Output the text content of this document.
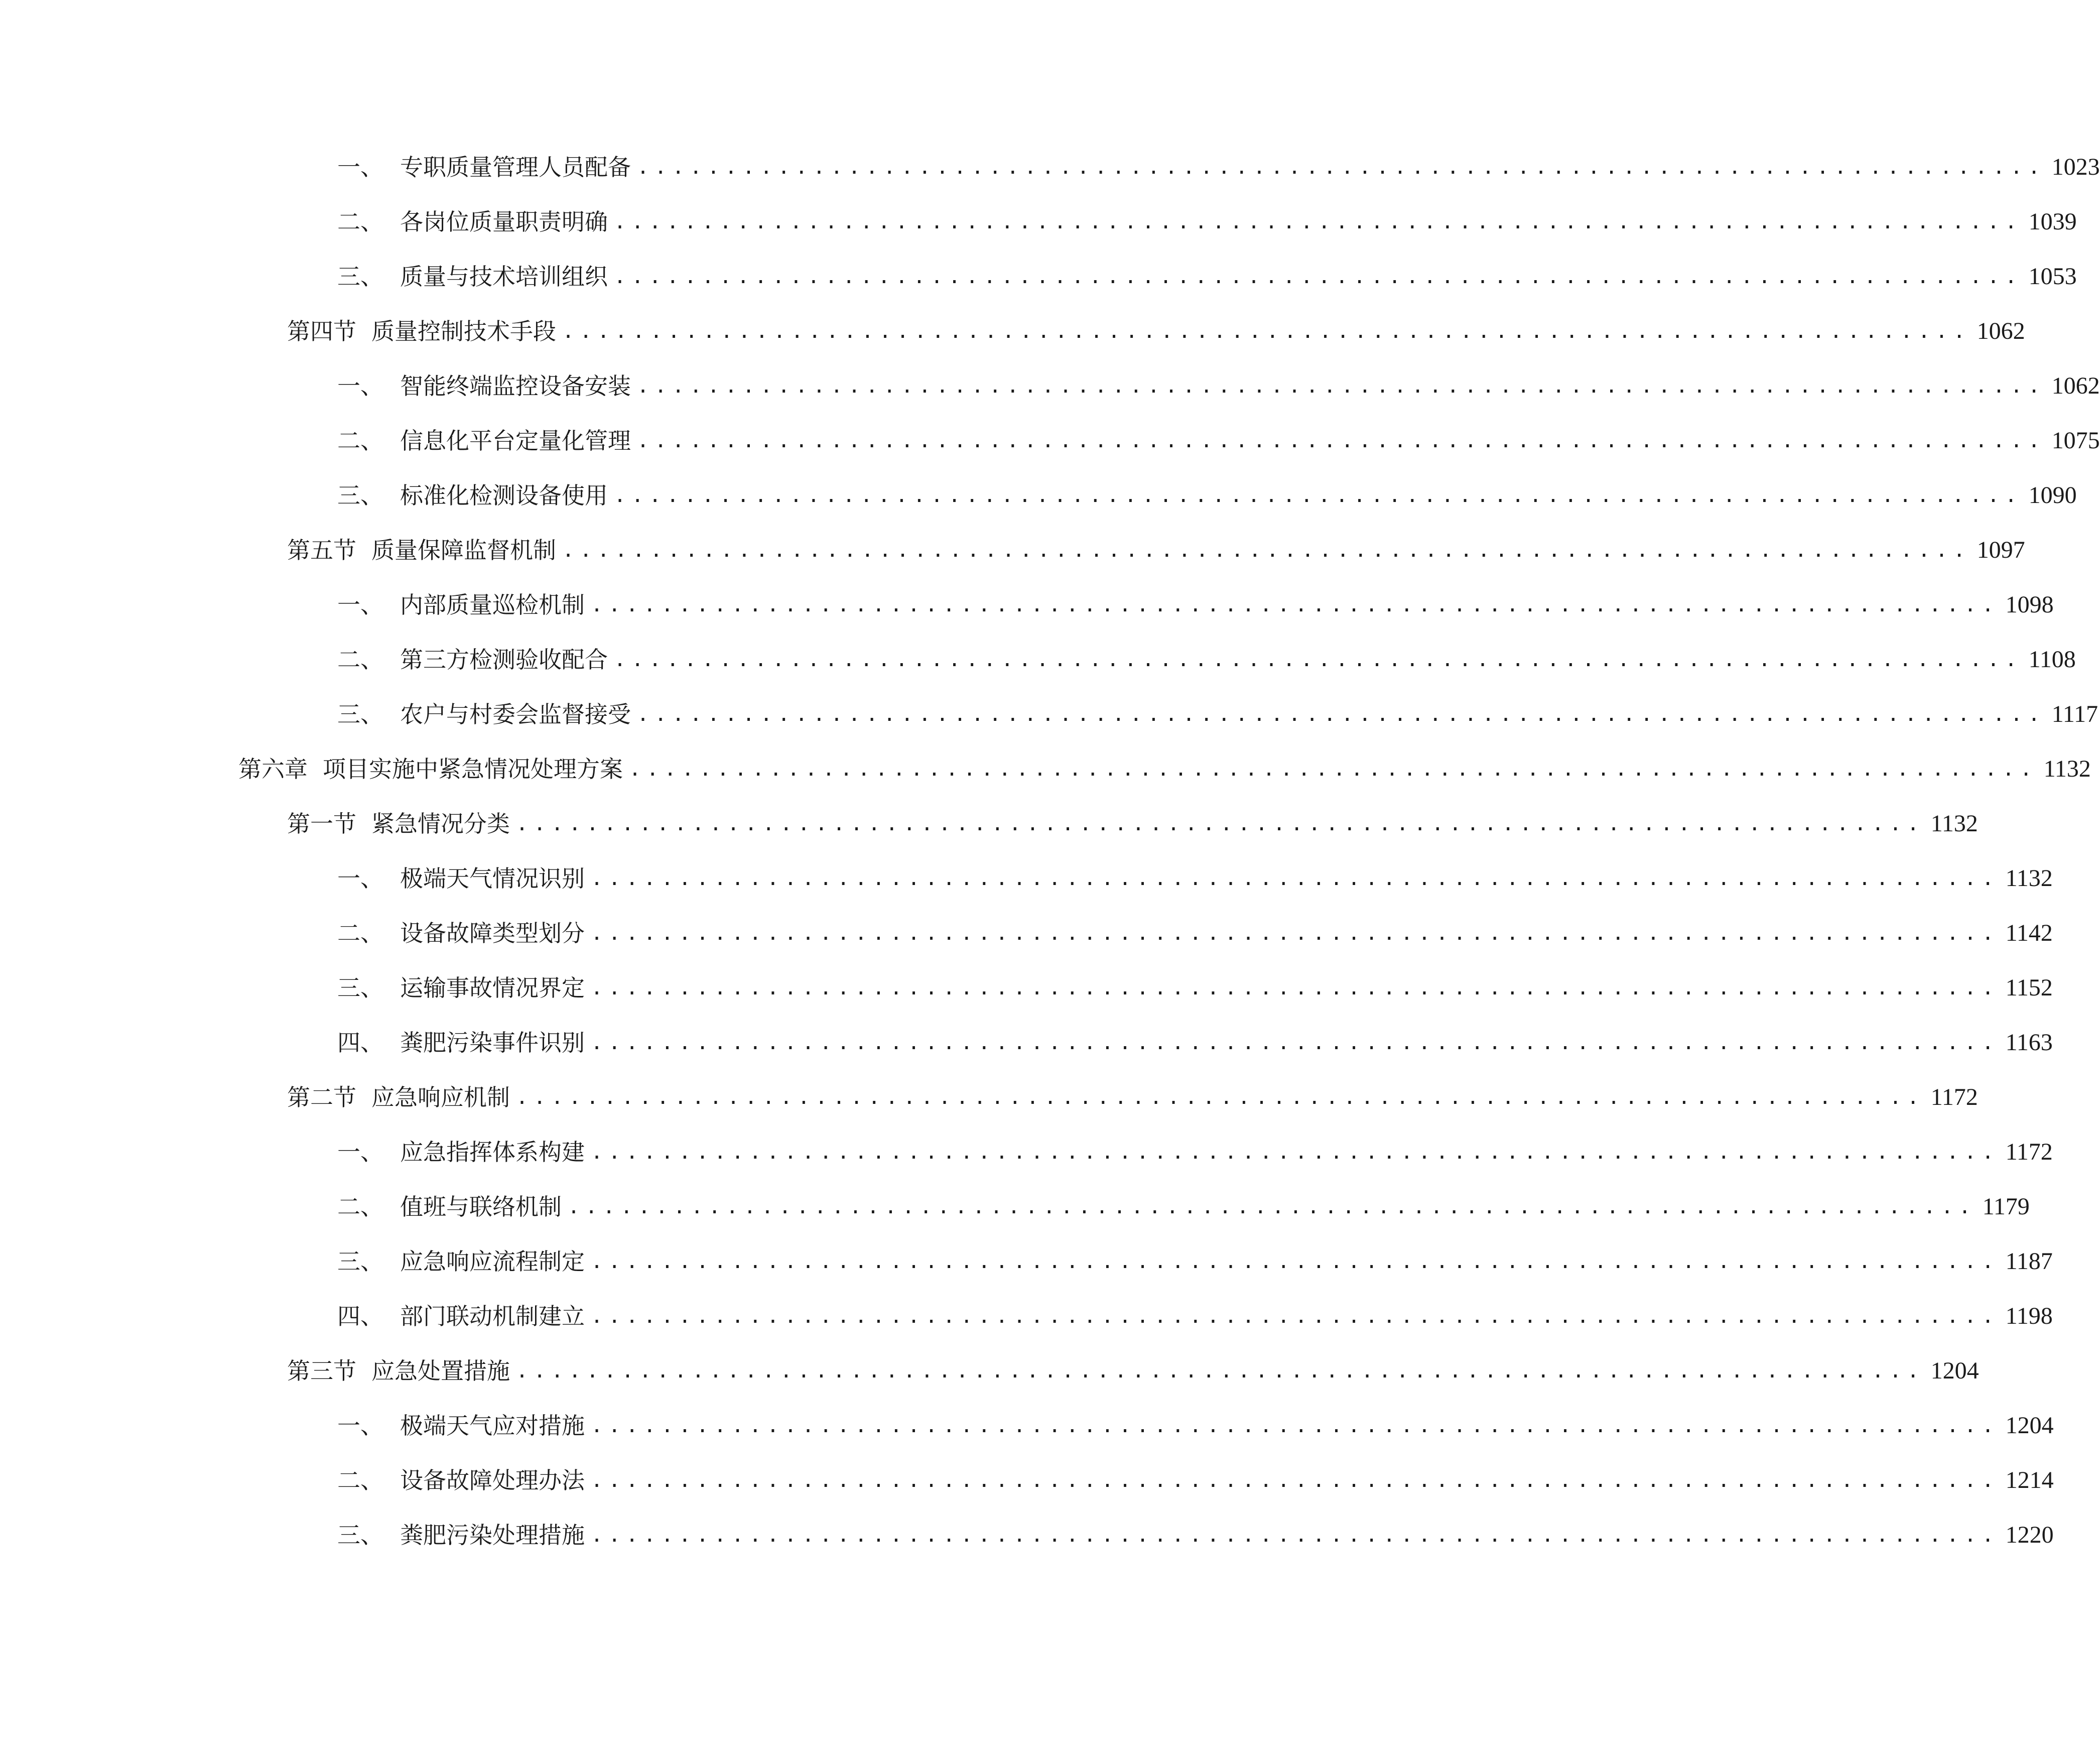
一、 专职质量管理人员配备 ................................................................................ 1023
二、 各岗位质量职责明确 ................................................................................ 1039
三、 质量与技术培训组织 ................................................................................ 1053
第四节 质量控制技术手段 ................................................................................ 1062
一、 智能终端监控设备安装 ................................................................................ 1062
二、 信息化平台定量化管理 ................................................................................ 1075
三、 标准化检测设备使用 ................................................................................ 1090
第五节 质量保障监督机制 ................................................................................ 1097
一、 内部质量巡检机制 ................................................................................ 1098
二、 第三方检测验收配合 ................................................................................ 1108
三、 农户与村委会监督接受 ................................................................................ 1117
第六章 项目实施中紧急情况处理方案 ................................................................................ 1132
第一节 紧急情况分类 ................................................................................ 1132
一、 极端天气情况识别 ................................................................................ 1132
二、 设备故障类型划分 ................................................................................ 1142
三、 运输事故情况界定 ................................................................................ 1152
四、 粪肥污染事件识别 ................................................................................ 1163
第二节 应急响应机制 ................................................................................ 1172
一、 应急指挥体系构建 ................................................................................ 1172
二、 值班与联络机制 ................................................................................ 1179
三、 应急响应流程制定 ................................................................................ 1187
四、 部门联动机制建立 ................................................................................ 1198
第三节 应急处置措施 ................................................................................ 1204
一、 极端天气应对措施 ................................................................................ 1204
二、 设备故障处理办法 ................................................................................ 1214
三、 粪肥污染处理措施 ................................................................................ 1220
